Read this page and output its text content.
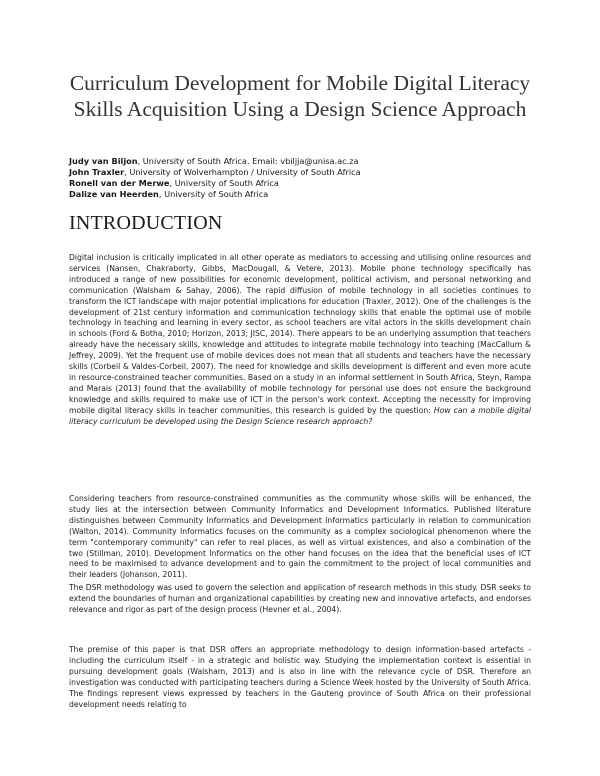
Curriculum Development for Mobile Digital Literacy Skills Acquisition Using a Design Science Approach
Judy van Biljon, University of South Africa. Email: vbiljja@unisa.ac.za
John Traxler, University of Wolverhampton / University of South Africa
Ronell van der Merwe, University of South Africa
Dalize van Heerden, University of South Africa
INTRODUCTION

Digital inclusion is critically implicated in all other operate as mediators to accessing and utilising online resources and services (Nansen, Chakraborty, Gibbs, MacDougall, & Vetere, 2013). Mobile phone technology specifically has introduced a range of new possibilities for economic development, political activism, and personal networking and communication (Walsham & Sahay, 2006). The rapid diffusion of mobile technology in all societies continues to transform the ICT landscape with major potential implications for education (Traxler, 2012). One of the challenges is the development of 21st century information and communication technology skills that enable the optimal use of mobile technology in teaching and learning in every sector, as school teachers are vital actors in the skills development chain in schools (Ford & Botha, 2010; Horizon, 2013; JISC, 2014). There appears to be an underlying assumption that teachers already have the necessary skills, knowledge and attitudes to integrate mobile technology into teaching (MacCallum & Jeffrey, 2009). Yet the frequent use of mobile devices does not mean that all students and teachers have the necessary skills (Corbeil & Valdes-Corbeil, 2007). The need for knowledge and skills development is different and even more acute in resource-constrained teacher communities. Based on a study in an informal settlement in South Africa, Steyn, Rampa and Marais (2013) found that the availability of mobile technology for personal use does not ensure the background knowledge and skills required to make use of ICT in the person's work context. Accepting the necessity for improving mobile digital literacy skills in teacher communities, this research is guided by the question: How can a mobile digital literacy curriculum be developed using the Design Science research approach?

Considering teachers from resource-constrained communities as the community whose skills will be enhanced, the study lies at the intersection between Community Informatics and Development Informatics. Published literature distinguishes between Community Informatics and Development Informatics particularly in relation to communication (Walton, 2014). Community Informatics focuses on the community as a complex sociological phenomenon where the term "contemporary community" can refer to real places, as well as virtual existences, and also a combination of the two (Stillman, 2010). Development Informatics on the other hand focuses on the idea that the beneficial uses of ICT need to be maximised to advance development and to gain the commitment to the project of local communities and their leaders (Johanson, 2011).

The DSR methodology was used to govern the selection and application of research methods in this study. DSR seeks to extend the boundaries of human and organizational capabilities by creating new and innovative artefacts, and endorses relevance and rigor as part of the design process (Hevner et al., 2004).

The premise of this paper is that DSR offers an appropriate methodology to design information-based artefacts - including the curriculum itself - in a strategic and holistic way. Studying the implementation context is essential in pursuing development goals (Walsham, 2013) and is also in line with the relevance cycle of DSR. Therefore an investigation was conducted with participating teachers during a Science Week hosted by the University of South Africa. The findings represent views expressed by teachers in the Gauteng province of South Africa on their professional development needs relating to
